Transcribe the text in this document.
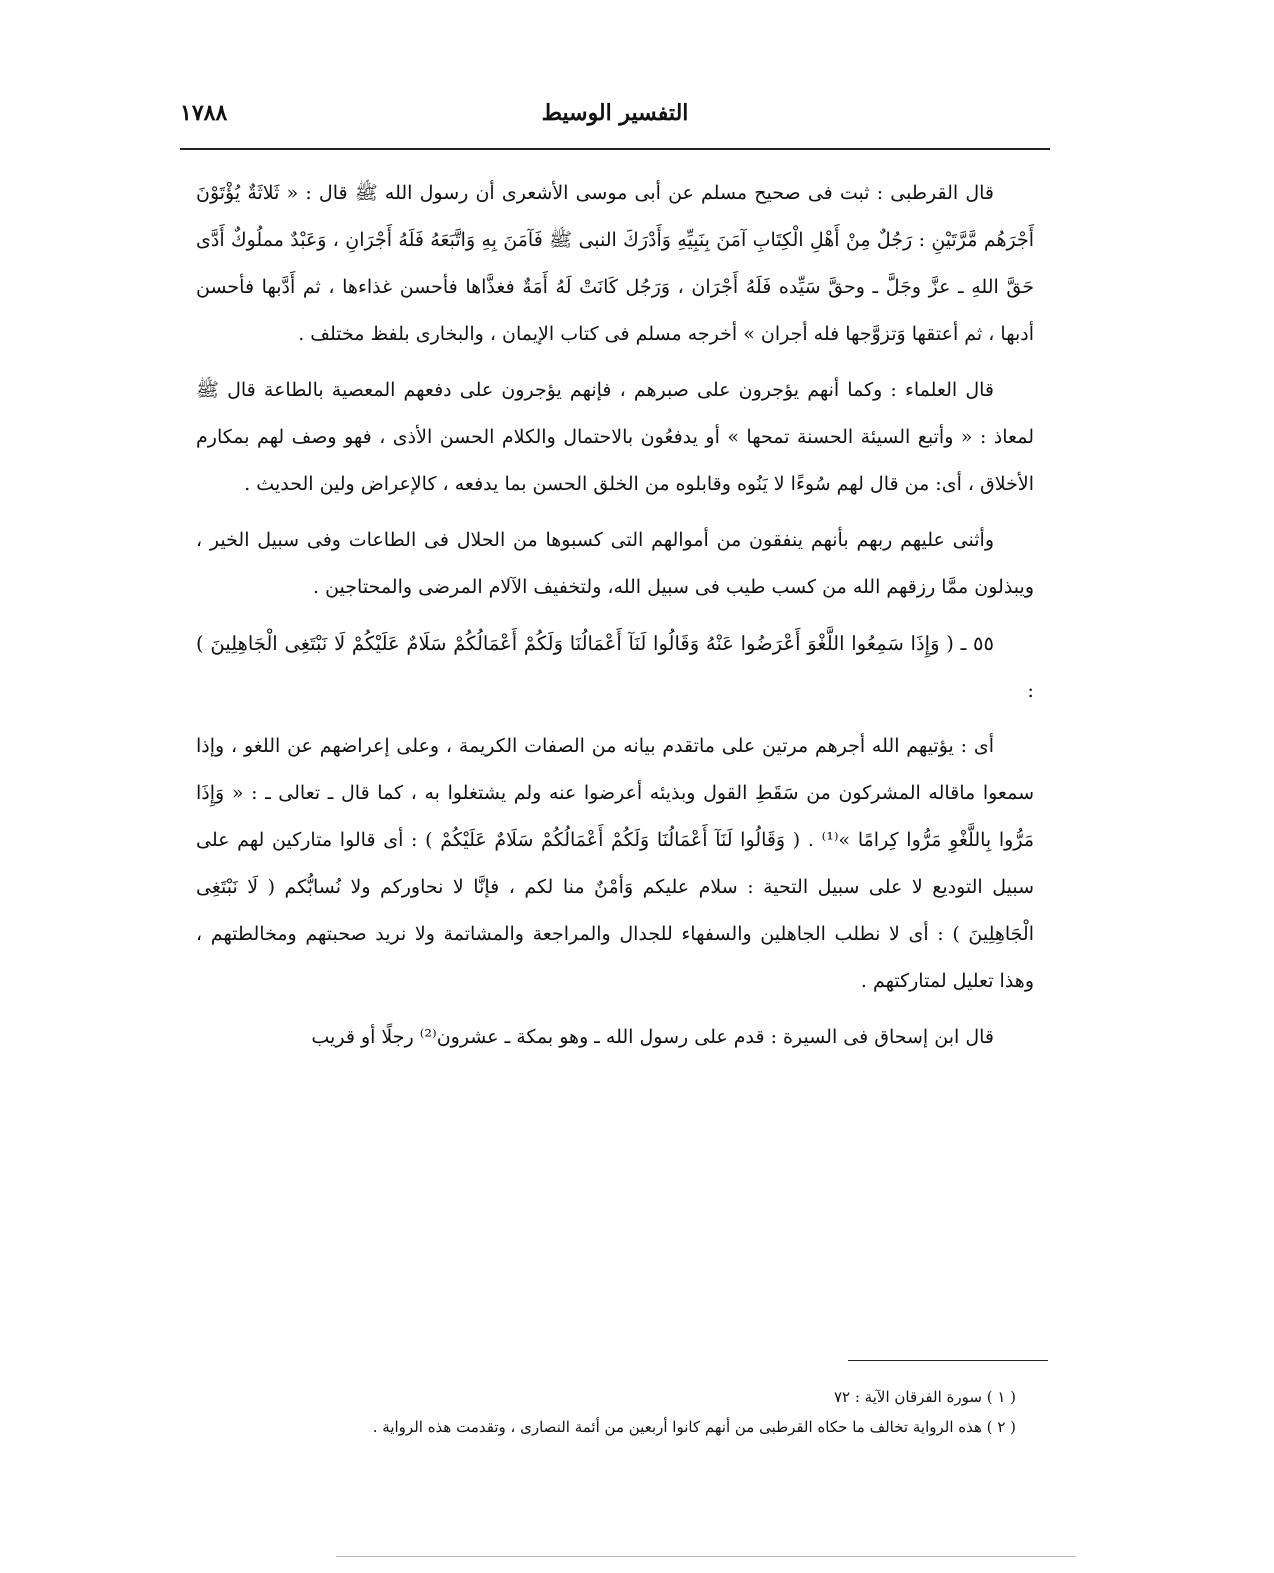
١٧٨٨	التفسير الوسيط

قال القرطبى : ثبت فى صحيح مسلم عن أبى موسى الأشعرى أن رسول الله ﷺ قال : « ثَلاثَةٌ يُؤْتَوْنَ أَجْرَهُم مَّرَّتَيْنِ : رَجُلٌ مِنْ أَهْلِ الْكِتَابِ آمَنَ بِنَبِيِّهِ وَأَدْرَكَ النبى ﷺ فَآمَنَ بِهِ وَاتَّبَعَهُ فَلَهُ أَجْرَانِ ، وَعَبْدٌ مملُوكٌ أَدَّى حَقَّ اللهِ ـ عزَّ وجَلَّ ـ وحقَّ سَيِّده فَلَهُ أَجْرَان ، وَرَجُل كَانَتْ لَهُ أَمَةٌ فغذَّاها فأحسن غذاءها ، ثم أَدَّبها فأحسن أدبها ، ثم أعتقها وَتزوَّجها فله أجران » أخرجه مسلم فى كتاب الإيمان ، والبخارى بلفظ مختلف .

قال العلماء : وكما أنهم يؤجرون على صبرهم ، فإنهم يؤجرون على دفعهم المعصية بالطاعة قال ﷺ لمعاذ : « وأتبع السيئة الحسنة تمحها » أو يدفعُون بالاحتمال والكلام الحسن الأذى ، فهو وصف لهم بمكارم الأخلاق ، أى: من قال لهم سُوءًا لا يَنُوه وقابلوه من الخلق الحسن بما يدفعه ، كالإعراض ولين الحديث .

وأثنى عليهم ربهم بأنهم ينفقون من أموالهم التى كسبوها من الحلال فى الطاعات وفى سبيل الخير ، ويبذلون ممَّا رزقهم الله من كسب طيب فى سبيل الله، ولتخفيف الآلام المرضى والمحتاجين .

٥٥ ـ ( وَإِذَا سَمِعُوا اللَّغْوَ أَعْرَضُوا عَنْهُ وَقَالُوا لَنَآ أَعْمَالُنَا وَلَكُمْ أَعْمَالُكُمْ سَلَامٌ عَلَيْكُمْ لَا نَبْتَغِى الْجَاهِلِينَ ) :

أى : يؤتيهم الله أجرهم مرتين على ماتقدم بيانه من الصفات الكريمة ، وعلى إعراضهم عن اللغو ، وإذا سمعوا ماقاله المشركون من سَقَطِ القول وبذيئه أعرضوا عنه ولم يشتغلوا به ، كما قال ـ تعالى ـ : « وَإِذَا مَرُّوا بِاللَّغْوِ مَرُّوا كِرامًا »⁽¹⁾ . ( وَقَالُوا لَنَآ أَعْمَالُنَا وَلَكُمْ أَعْمَالُكُمْ سَلَامٌ عَلَيْكُمْ ) : أى قالوا متاركين لهم على سبيل التوديع لا على سبيل التحية : سلام عليكم وَأمْنٌ منا لكم ، فإنَّا لا نحاوركم ولا نُسابُّكم ( لَا نَبْتَغِى الْجَاهِلِينَ ) : أى لا نطلب الجاهلين والسفهاء للجدال والمراجعة والمشاتمة ولا نريد صحبتهم ومخالطتهم ، وهذا تعليل لمتاركتهم .

قال ابن إسحاق فى السيرة : قدم على رسول الله ـ وهو بمكة ـ عشرون⁽²⁾ رجلًا أو قريب

( ١ ) سورة الفرقان الآية : ٧٢
( ٢ ) هذه الرواية تخالف ما حكاه القرطبى من أنهم كانوا أربعين من أئمة النصارى ، وتقدمت هذه الرواية .
